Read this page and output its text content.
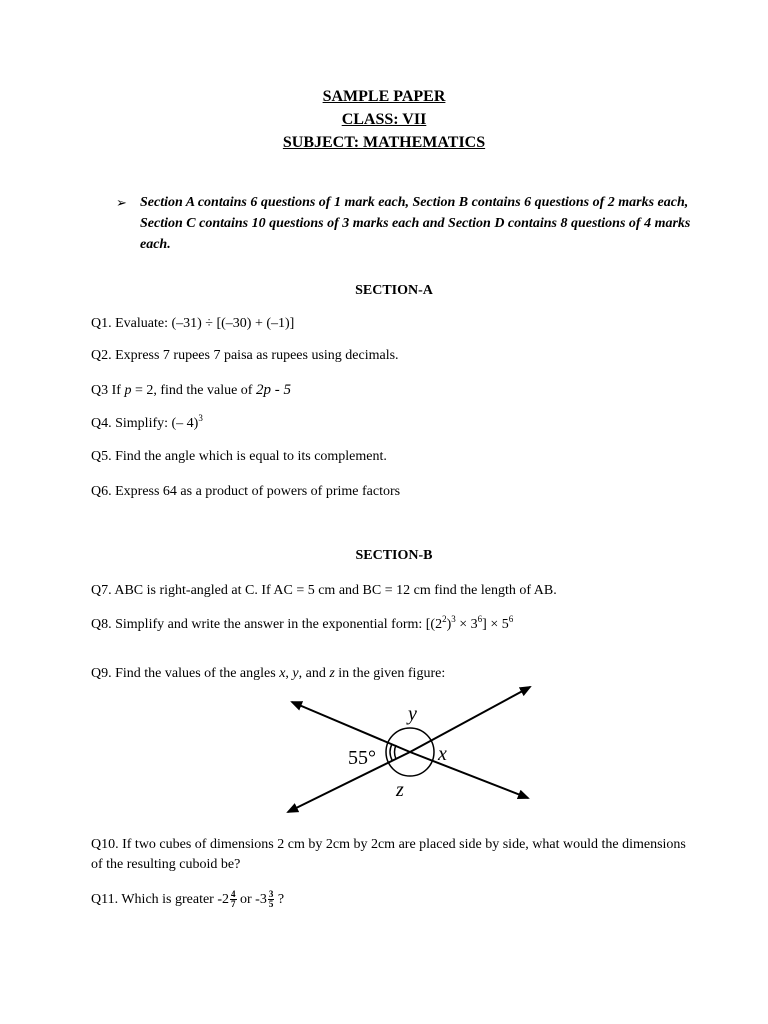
SAMPLE PAPER
CLASS: VII
SUBJECT: MATHEMATICS
➢ Section A contains 6 questions of 1 mark each, Section B contains 6 questions of 2 marks each, Section C contains 10 questions of 3 marks each and Section D contains 8 questions of 4 marks each.
SECTION-A
Q1. Evaluate: (–31) ÷ [(–30) + (–1)]
Q2. Express 7 rupees 7 paisa as rupees using decimals.
Q3 If p = 2, find the value of 2p - 5
Q4. Simplify: (– 4)$^3$
Q5. Find the angle which is equal to its complement.
Q6. Express 64 as a product of powers of prime factors
SECTION-B
Q7. ABC is right-angled at C. If AC = 5 cm and BC = 12 cm find the length of AB.
Q8. Simplify and write the answer in the exponential form: $[(2^2)^3 \times 3^6] \times 5^6$
Q9. Find the values of the angles x, y, and z in the given figure:
y
x
z
55°
Q10. If two cubes of dimensions 2 cm by 2cm by 2cm are placed side by side, what would the dimensions of the resulting cuboid be?
Q11. Which is greater $-2 \frac{4}{7}$ or $-3 \frac{3}{5}$ ?
